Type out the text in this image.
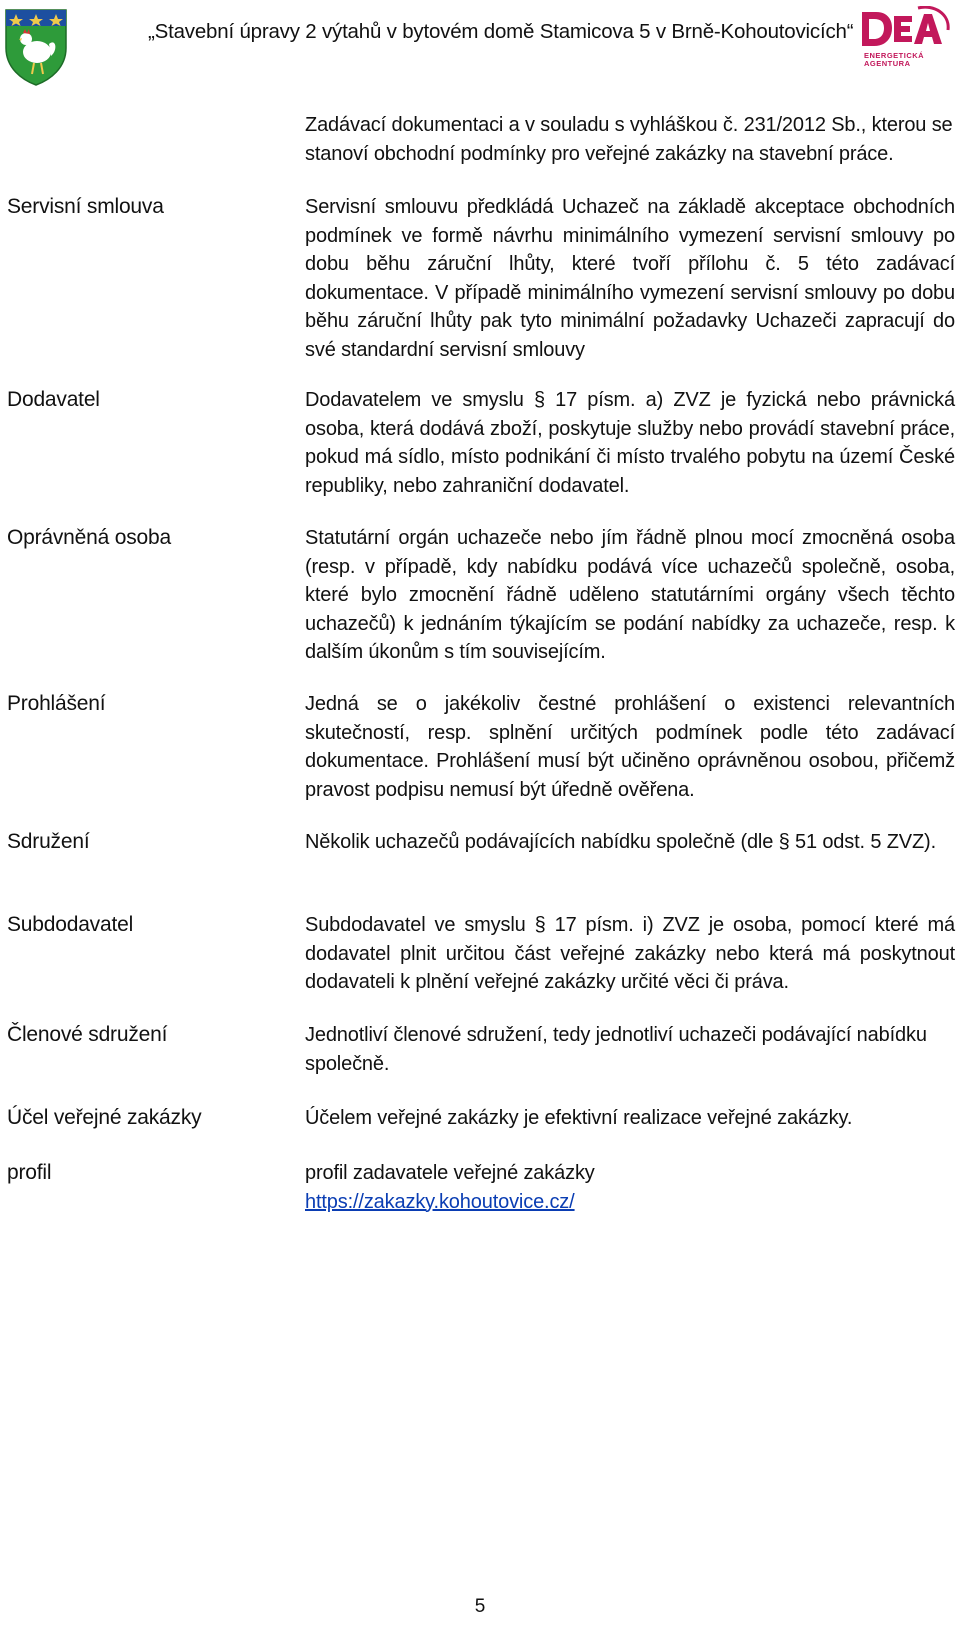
„Stavební úpravy 2 výtahů v bytovém domě Stamicova 5 v Brně-Kohoutovicích“
ENERGETICKÁ
AGENTURA
Zadávací dokumentaci a v souladu s vyhláškou č. 231/2012 Sb., kterou se stanoví obchodní podmínky pro veřejné zakázky na stavební práce.
Servisní smlouva	Servisní smlouvu předkládá Uchazeč na základě akceptace obchodních podmínek ve formě návrhu minimálního vymezení servisní smlouvy po dobu běhu záruční lhůty, které tvoří přílohu č. 5 této zadávací dokumentace. V případě minimálního vymezení servisní smlouvy po dobu běhu záruční lhůty pak tyto minimální požadavky Uchazeči zapracují do své standardní servisní smlouvy
Dodavatel	Dodavatelem ve smyslu § 17 písm. a) ZVZ je fyzická nebo právnická osoba, která dodává zboží, poskytuje služby nebo provádí stavební práce, pokud má sídlo, místo podnikání či místo trvalého pobytu na území České republiky, nebo zahraniční dodavatel.
Oprávněná osoba	Statutární orgán uchazeče nebo jím řádně plnou mocí zmocněná osoba (resp. v případě, kdy nabídku podává více uchazečů společně, osoba, které bylo zmocnění řádně uděleno statutárními orgány všech těchto uchazečů) k jednáním týkajícím se podání nabídky za uchazeče, resp. k dalším úkonům s tím souvisejícím.
Prohlášení	Jedná se o jakékoliv čestné prohlášení o existenci relevantních skutečností, resp. splnění určitých podmínek podle této zadávací dokumentace. Prohlášení musí být učiněno oprávněnou osobou, přičemž pravost podpisu nemusí být úředně ověřena.
Sdružení	Několik uchazečů podávajících nabídku společně (dle § 51 odst. 5 ZVZ).
Subdodavatel	Subdodavatel ve smyslu § 17 písm. i) ZVZ je osoba, pomocí které má dodavatel plnit určitou část veřejné zakázky nebo která má poskytnout dodavateli k plnění veřejné zakázky určité věci či práva.
Členové sdružení	Jednotliví členové sdružení, tedy jednotliví uchazeči podávající nabídku společně.
Účel veřejné zakázky	Účelem veřejné zakázky je efektivní realizace veřejné zakázky.
profil	profil zadavatele veřejné zakázky
https://zakazky.kohoutovice.cz/
5
